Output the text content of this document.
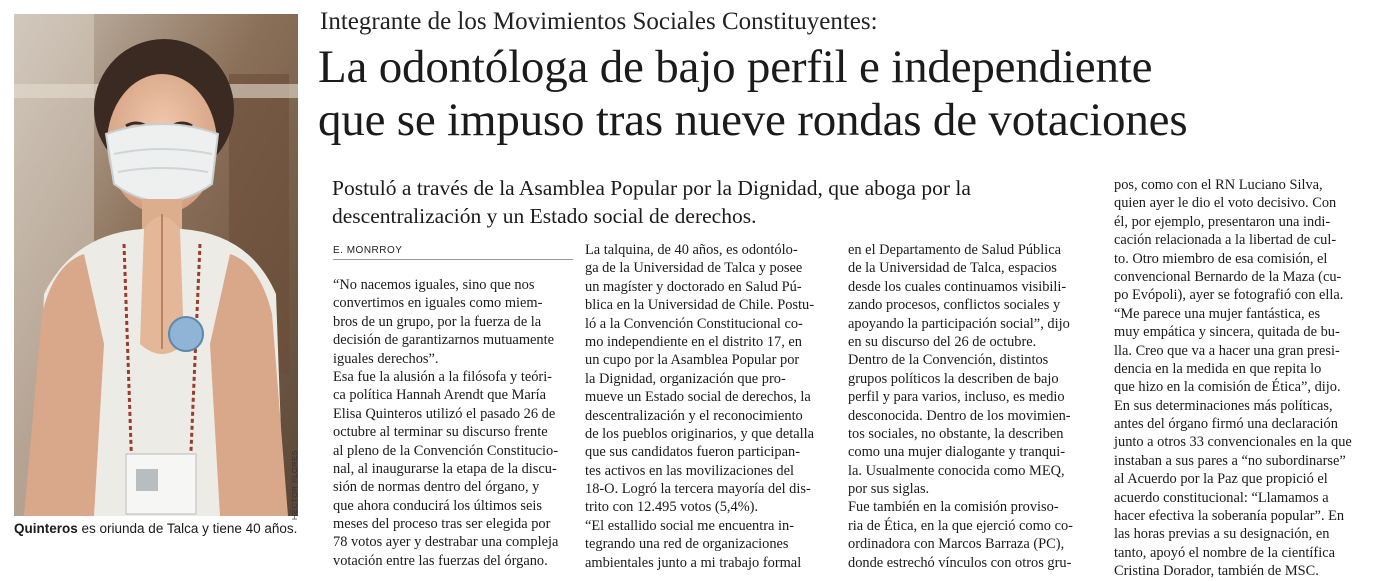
HÉCTOR FLORES
Quinteros es oriunda de Talca y tiene 40 años.
Integrante de los Movimientos Sociales Constituyentes:
La odontóloga de bajo perfil e independiente
que se impuso tras nueve rondas de votaciones
Postuló a través de la Asamblea Popular por la Dignidad, que aboga por la
descentralización y un Estado social de derechos.
E. MONRROY
“No nacemos iguales, sino que nos
convertimos en iguales como miem-
bros de un grupo, por la fuerza de la
decisión de garantizarnos mutuamente
iguales derechos”.
Esa fue la alusión a la filósofa y teóri-
ca política Hannah Arendt que María
Elisa Quinteros utilizó el pasado 26 de
octubre al terminar su discurso frente
al pleno de la Convención Constitucio-
nal, al inaugurarse la etapa de la discu-
sión de normas dentro del órgano, y
que ahora conducirá los últimos seis
meses del proceso tras ser elegida por
78 votos ayer y destrabar una compleja
votación entre las fuerzas del órgano.
La talquina, de 40 años, es odontólo-
ga de la Universidad de Talca y posee
un magíster y doctorado en Salud Pú-
blica en la Universidad de Chile. Postu-
ló a la Convención Constitucional co-
mo independiente en el distrito 17, en
un cupo por la Asamblea Popular por
la Dignidad, organización que pro-
mueve un Estado social de derechos, la
descentralización y el reconocimiento
de los pueblos originarios, y que detalla
que sus candidatos fueron participan-
tes activos en las movilizaciones del
18-O. Logró la tercera mayoría del dis-
trito con 12.495 votos (5,4%).
“El estallido social me encuentra in-
tegrando una red de organizaciones
ambientales junto a mi trabajo formal
en el Departamento de Salud Pública
de la Universidad de Talca, espacios
desde los cuales continuamos visibili-
zando procesos, conflictos sociales y
apoyando la participación social”, dijo
en su discurso del 26 de octubre.
Dentro de la Convención, distintos
grupos políticos la describen de bajo
perfil y para varios, incluso, es medio
desconocida. Dentro de los movimien-
tos sociales, no obstante, la describen
como una mujer dialogante y tranqui-
la. Usualmente conocida como MEQ,
por sus siglas.
Fue también en la comisión proviso-
ria de Ética, en la que ejerció como co-
ordinadora con Marcos Barraza (PC),
donde estrechó vínculos con otros gru-
pos, como con el RN Luciano Silva,
quien ayer le dio el voto decisivo. Con
él, por ejemplo, presentaron una indi-
cación relacionada a la libertad de cul-
to. Otro miembro de esa comisión, el
convencional Bernardo de la Maza (cu-
po Evópoli), ayer se fotografió con ella.
“Me parece una mujer fantástica, es
muy empática y sincera, quitada de bu-
lla. Creo que va a hacer una gran presi-
dencia en la medida en que repita lo
que hizo en la comisión de Ética”, dijo.
En sus determinaciones más políticas,
antes del órgano firmó una declaración
junto a otros 33 convencionales en la que
instaban a sus pares a “no subordinarse”
al Acuerdo por la Paz que propició el
acuerdo constitucional: “Llamamos a
hacer efectiva la soberanía popular”. En
las horas previas a su designación, en
tanto, apoyó el nombre de la científica
Cristina Dorador, también de MSC.
